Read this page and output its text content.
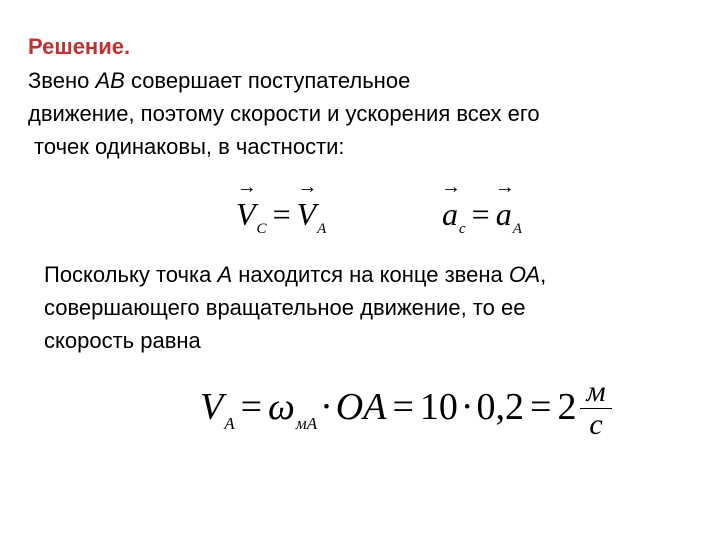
Решение.
Звено АВ совершает поступательное
движение, поэтому скорости и ускорения всех его
точек одинаковы, в частности:
→ $V_C =\to V_A$
→	$a_c =\to a_A$
Поскольку точка А находится на конце звена ОА,
совершающего вращательное движение, то ее
скорость равна
$V_A = \omega_{мА}\cdot OA = 10\cdot 0,2 = 2 \frac{м}{с}$
